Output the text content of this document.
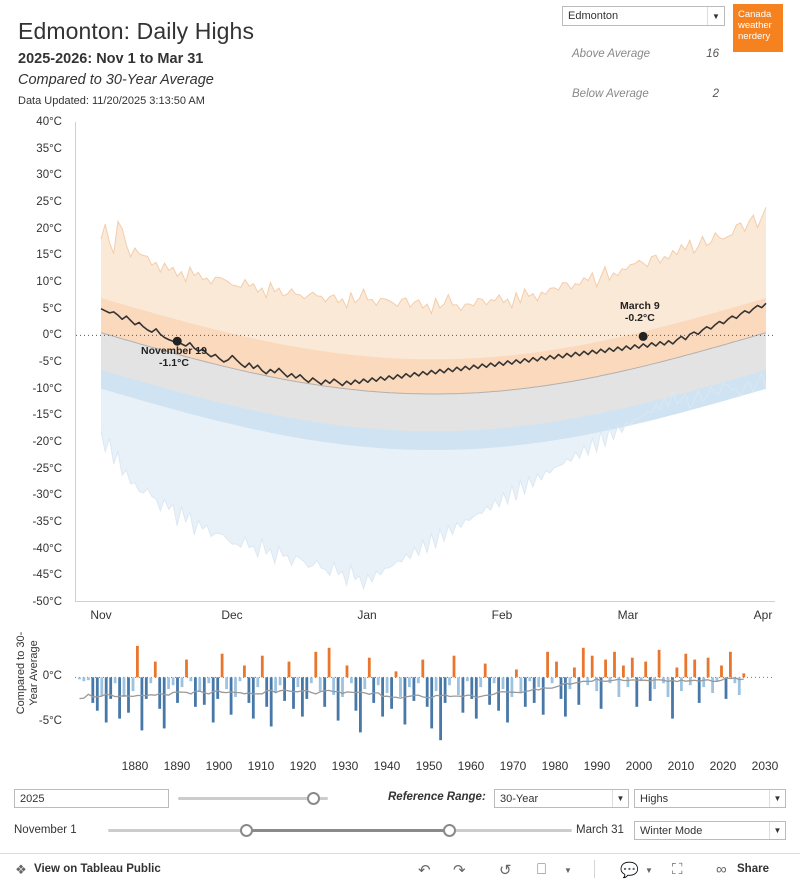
Edmonton: Daily Highs
2025-2026: Nov 1 to Mar 31
Compared to 30-Year Average
Data Updated: 11/20/2025 3:13:50 AM
Edmonton	▼	Canada
weather
nerdery
Above Average	16
Below Average	2
40°C
35°C
30°C
25°C
20°C
15°C
10°C
5°C
0°C
-5°C
-10°C
-15°C
-20°C
-25°C
-30°C
-35°C
-40°C
-45°C
-50°C
November 19
-1.1°C
March 9
-0.2°C
Nov	Dec	Jan	Feb	Mar	Apr
Compared to 30-Year Average 0°C
-5°C
1880	1890	1900	1910	1920	1930	1940	1950	1960	1970	1980	1990	2000	2010	2020	2030
2025	Reference Range:	30-Year	▼	Highs	▼
November 1	March 31	Winter Mode	▼
❖ View on Tableau Public	↶ ↷ ↺ ⎕ ▼	💬 ▼ ⛶ ∞ Share
